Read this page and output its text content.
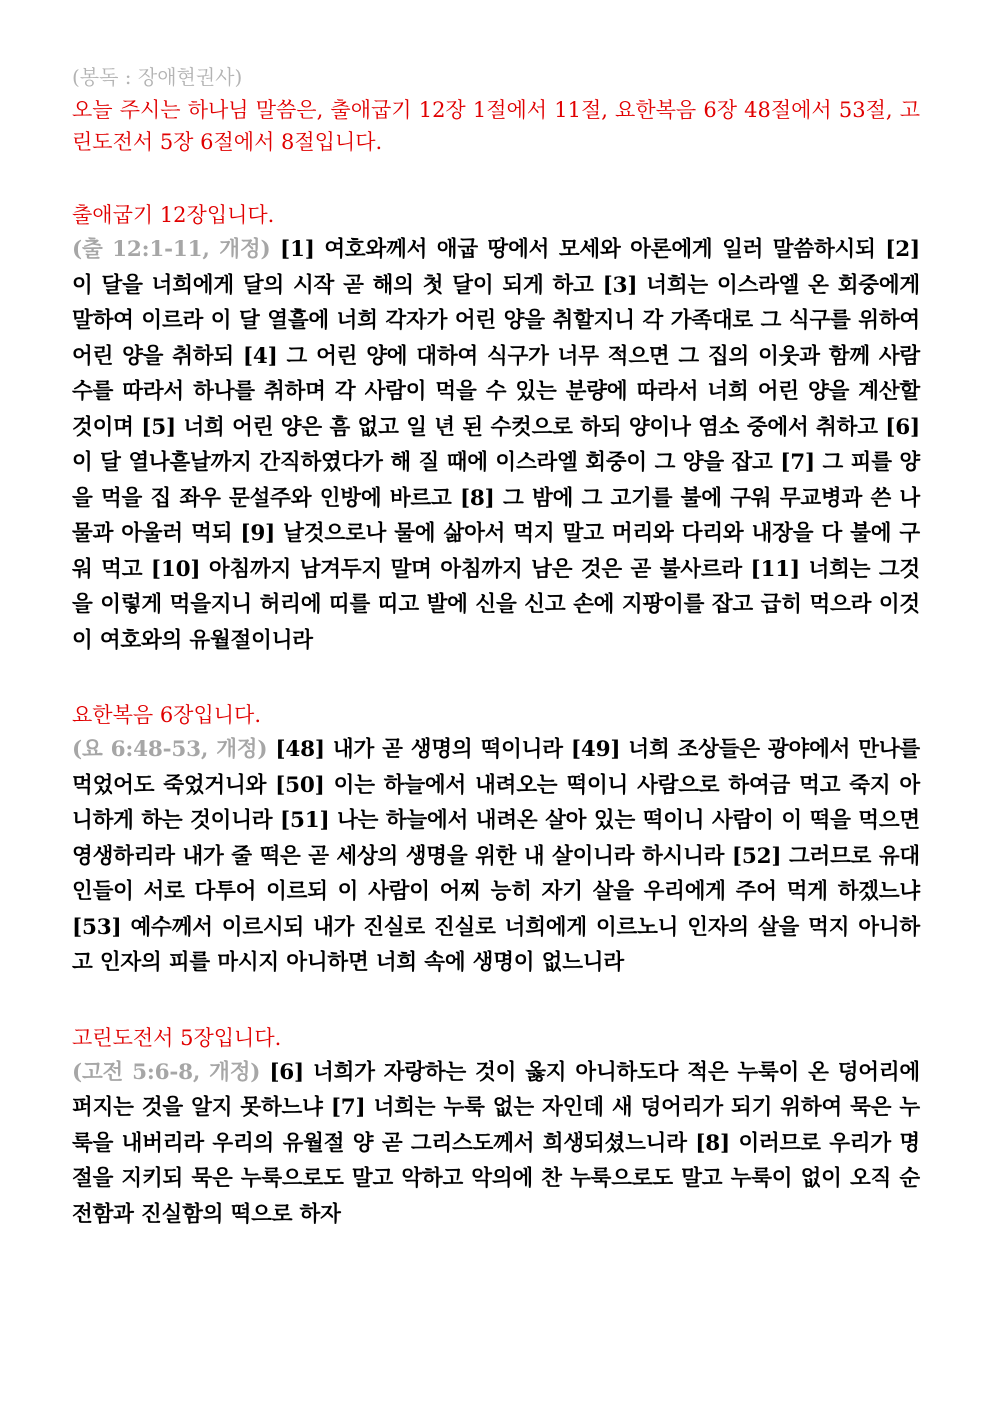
(봉독 : 장애현권사)

오늘 주시는 하나님 말씀은, 출애굽기 12장 1절에서 11절, 요한복음 6장 48절에서 53절, 고린도전서 5장 6절에서 8절입니다.

출애굽기 12장입니다.

(출 12:1-11, 개정) [1] 여호와께서 애굽 땅에서 모세와 아론에게 일러 말씀하시되 [2] 이 달을 너희에게 달의 시작 곧 해의 첫 달이 되게 하고 [3] 너희는 이스라엘 온 회중에게 말하여 이르라 이 달 열흘에 너희 각자가 어린 양을 취할지니 각 가족대로 그 식구를 위하여 어린 양을 취하되 [4] 그 어린 양에 대하여 식구가 너무 적으면 그 집의 이웃과 함께 사람 수를 따라서 하나를 취하며 각 사람이 먹을 수 있는 분량에 따라서 너희 어린 양을 계산할 것이며 [5] 너희 어린 양은 흠 없고 일 년 된 수컷으로 하되 양이나 염소 중에서 취하고 [6] 이 달 열나흗날까지 간직하였다가 해 질 때에 이스라엘 회중이 그 양을 잡고 [7] 그 피를 양을 먹을 집 좌우 문설주와 인방에 바르고 [8] 그 밤에 그 고기를 불에 구워 무교병과 쓴 나물과 아울러 먹되 [9] 날것으로나 물에 삶아서 먹지 말고 머리와 다리와 내장을 다 불에 구워 먹고 [10] 아침까지 남겨두지 말며 아침까지 남은 것은 곧 불사르라 [11] 너희는 그것을 이렇게 먹을지니 허리에 띠를 띠고 발에 신을 신고 손에 지팡이를 잡고 급히 먹으라 이것이 여호와의 유월절이니라

요한복음 6장입니다.

(요 6:48-53, 개정) [48] 내가 곧 생명의 떡이니라 [49] 너희 조상들은 광야에서 만나를 먹었어도 죽었거니와 [50] 이는 하늘에서 내려오는 떡이니 사람으로 하여금 먹고 죽지 아니하게 하는 것이니라 [51] 나는 하늘에서 내려온 살아 있는 떡이니 사람이 이 떡을 먹으면 영생하리라 내가 줄 떡은 곧 세상의 생명을 위한 내 살이니라 하시니라 [52] 그러므로 유대인들이 서로 다투어 이르되 이 사람이 어찌 능히 자기 살을 우리에게 주어 먹게 하겠느냐 [53] 예수께서 이르시되 내가 진실로 진실로 너희에게 이르노니 인자의 살을 먹지 아니하고 인자의 피를 마시지 아니하면 너희 속에 생명이 없느니라

고린도전서 5장입니다.

(고전 5:6-8, 개정) [6] 너희가 자랑하는 것이 옳지 아니하도다 적은 누룩이 온 덩어리에 퍼지는 것을 알지 못하느냐 [7] 너희는 누룩 없는 자인데 새 덩어리가 되기 위하여 묵은 누룩을 내버리라 우리의 유월절 양 곧 그리스도께서 희생되셨느니라 [8] 이러므로 우리가 명절을 지키되 묵은 누룩으로도 말고 악하고 악의에 찬 누룩으로도 말고 누룩이 없이 오직 순전함과 진실함의 떡으로 하자
